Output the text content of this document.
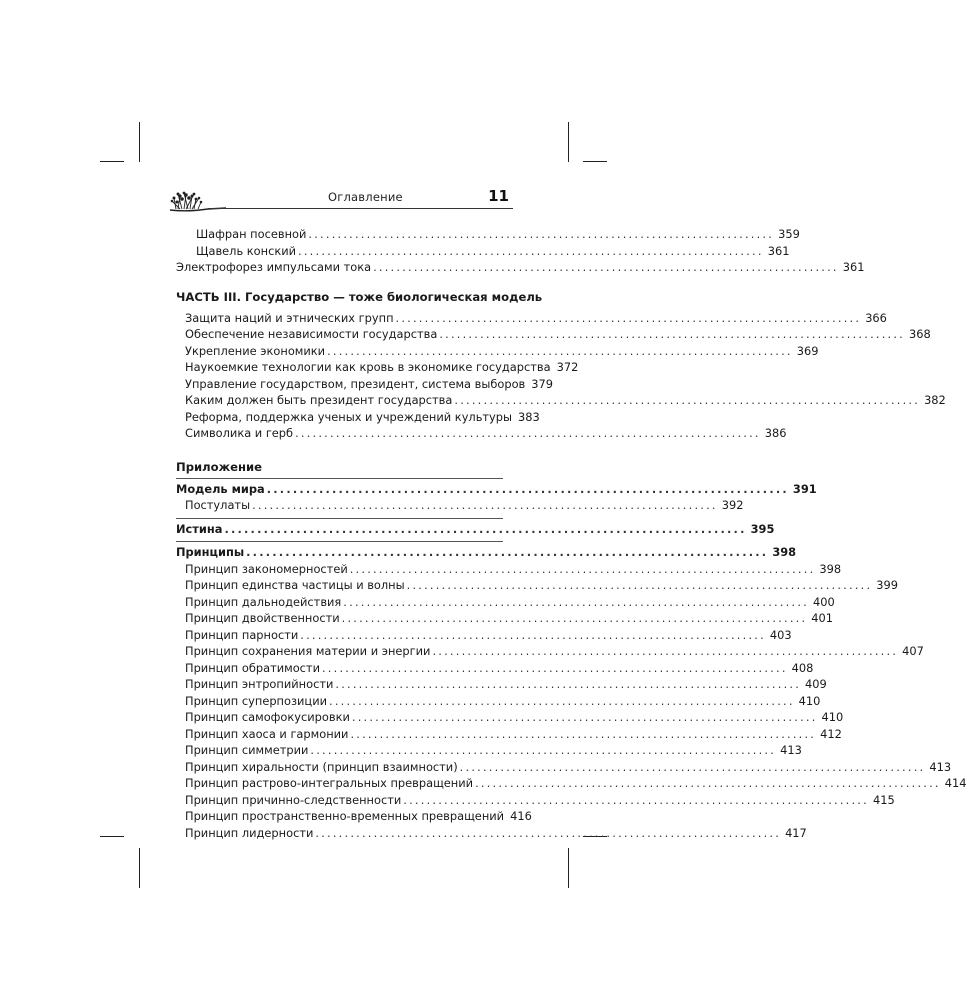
Оглавление	11
Шафран посевной ................................................................................ 359
Щавель конский ................................................................................ 361
Электрофорез импульсами тока ................................................................................ 361
ЧАСТЬ III. Государство — тоже биологическая модель
Защита наций и этнических групп ................................................................................ 366
Обеспечение независимости государства ................................................................................ 368
Укрепление экономики ................................................................................ 369
Наукоемкие технологии как кровь в экономике государства 372
Управление государством, президент, система выборов 379
Каким должен быть президент государства ................................................................................ 382
Реформа, поддержка ученых и учреждений культуры 383
Символика и герб ................................................................................ 386
Приложение
Модель мира ................................................................................ 391
Постулаты ................................................................................ 392
Истина ................................................................................ 395
Принципы ................................................................................ 398
Принцип закономерностей ................................................................................ 398
Принцип единства частицы и волны ................................................................................ 399
Принцип дальнодействия ................................................................................ 400
Принцип двойственности ................................................................................ 401
Принцип парности ................................................................................ 403
Принцип сохранения материи и энергии ................................................................................ 407
Принцип обратимости ................................................................................ 408
Принцип энтропийности ................................................................................ 409
Принцип суперпозиции ................................................................................ 410
Принцип самофокусировки ................................................................................ 410
Принцип хаоса и гармонии ................................................................................ 412
Принцип симметрии ................................................................................ 413
Принцип хиральности (принцип взаимности) ................................................................................ 413
Принцип растрово-интегральных превращений ................................................................................ 414
Принцип причинно-следственности ................................................................................ 415
Принцип пространственно-временных превращений 416
Принцип лидерности ................................................................................ 417
